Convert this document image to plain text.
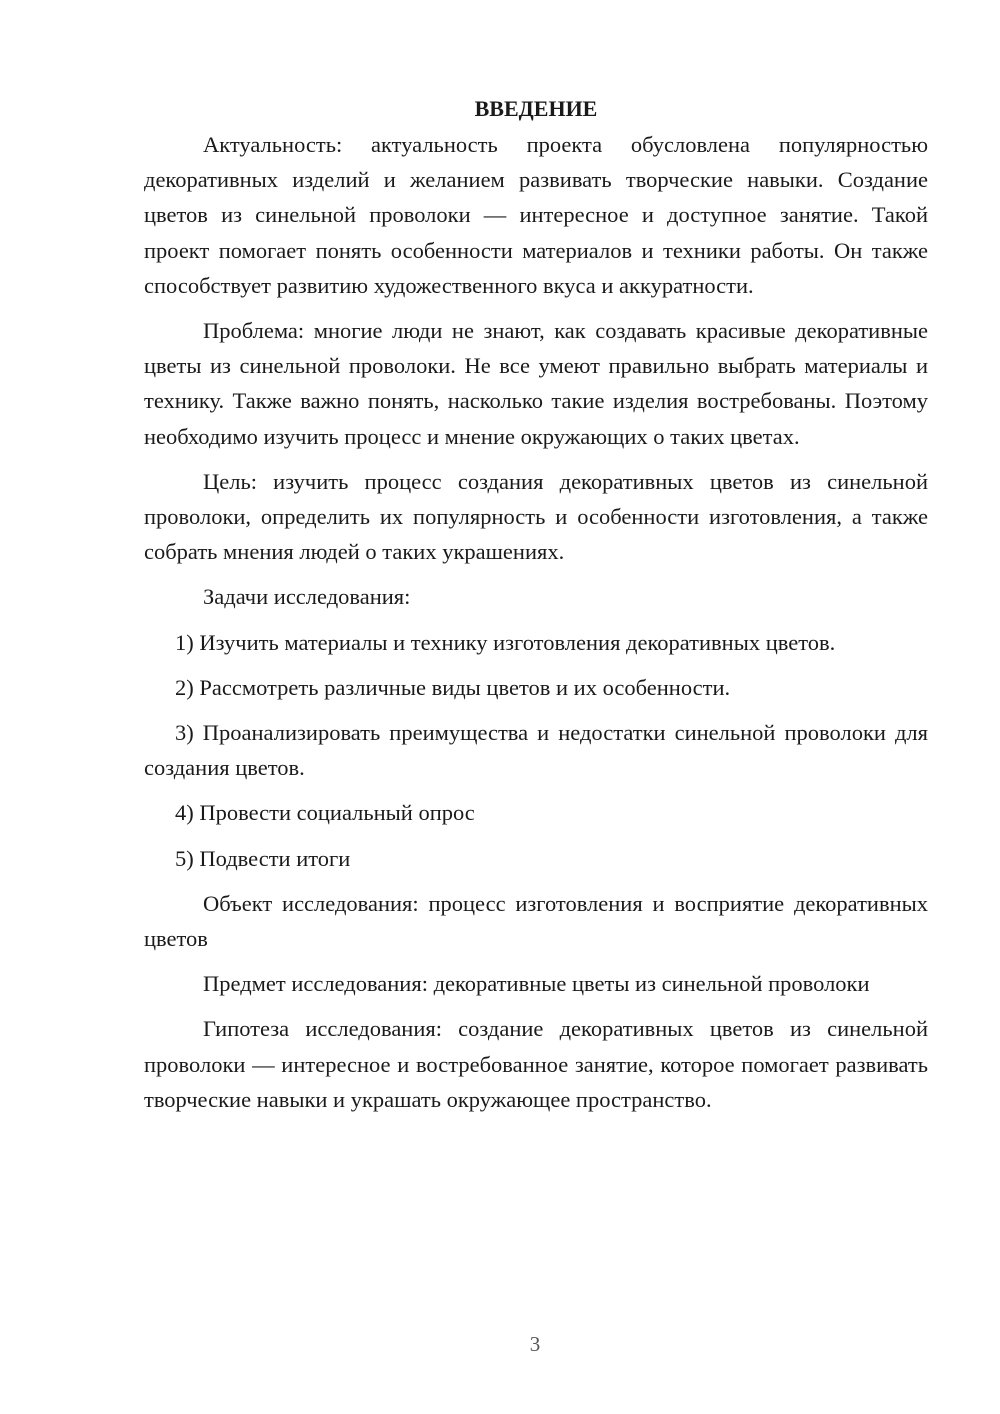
ВВЕДЕНИЕ

Актуальность: актуальность проекта обусловлена популярностью декоративных изделий и желанием развивать творческие навыки. Создание цветов из синельной проволоки — интересное и доступное занятие. Такой проект помогает понять особенности материалов и техники работы. Он также способствует развитию художественного вкуса и аккуратности.

Проблема: многие люди не знают, как создавать красивые декоративные цветы из синельной проволоки. Не все умеют правильно выбрать материалы и технику. Также важно понять, насколько такие изделия востребованы. Поэтому необходимо изучить процесс и мнение окружающих о таких цветах.

Цель: изучить процесс создания декоративных цветов из синельной проволоки, определить их популярность и особенности изготовления, а также собрать мнения людей о таких украшениях.

Задачи исследования:

1) Изучить материалы и технику изготовления декоративных цветов.

2) Рассмотреть различные виды цветов и их особенности.

3) Проанализировать преимущества и недостатки синельной проволоки для создания цветов.

4) Провести социальный опрос

5) Подвести итоги

Объект исследования: процесс изготовления и восприятие декоративных цветов

Предмет исследования: декоративные цветы из синельной проволоки

Гипотеза исследования: создание декоративных цветов из синельной проволоки — интересное и востребованное занятие, которое помогает развивать творческие навыки и украшать окружающее пространство.

3
